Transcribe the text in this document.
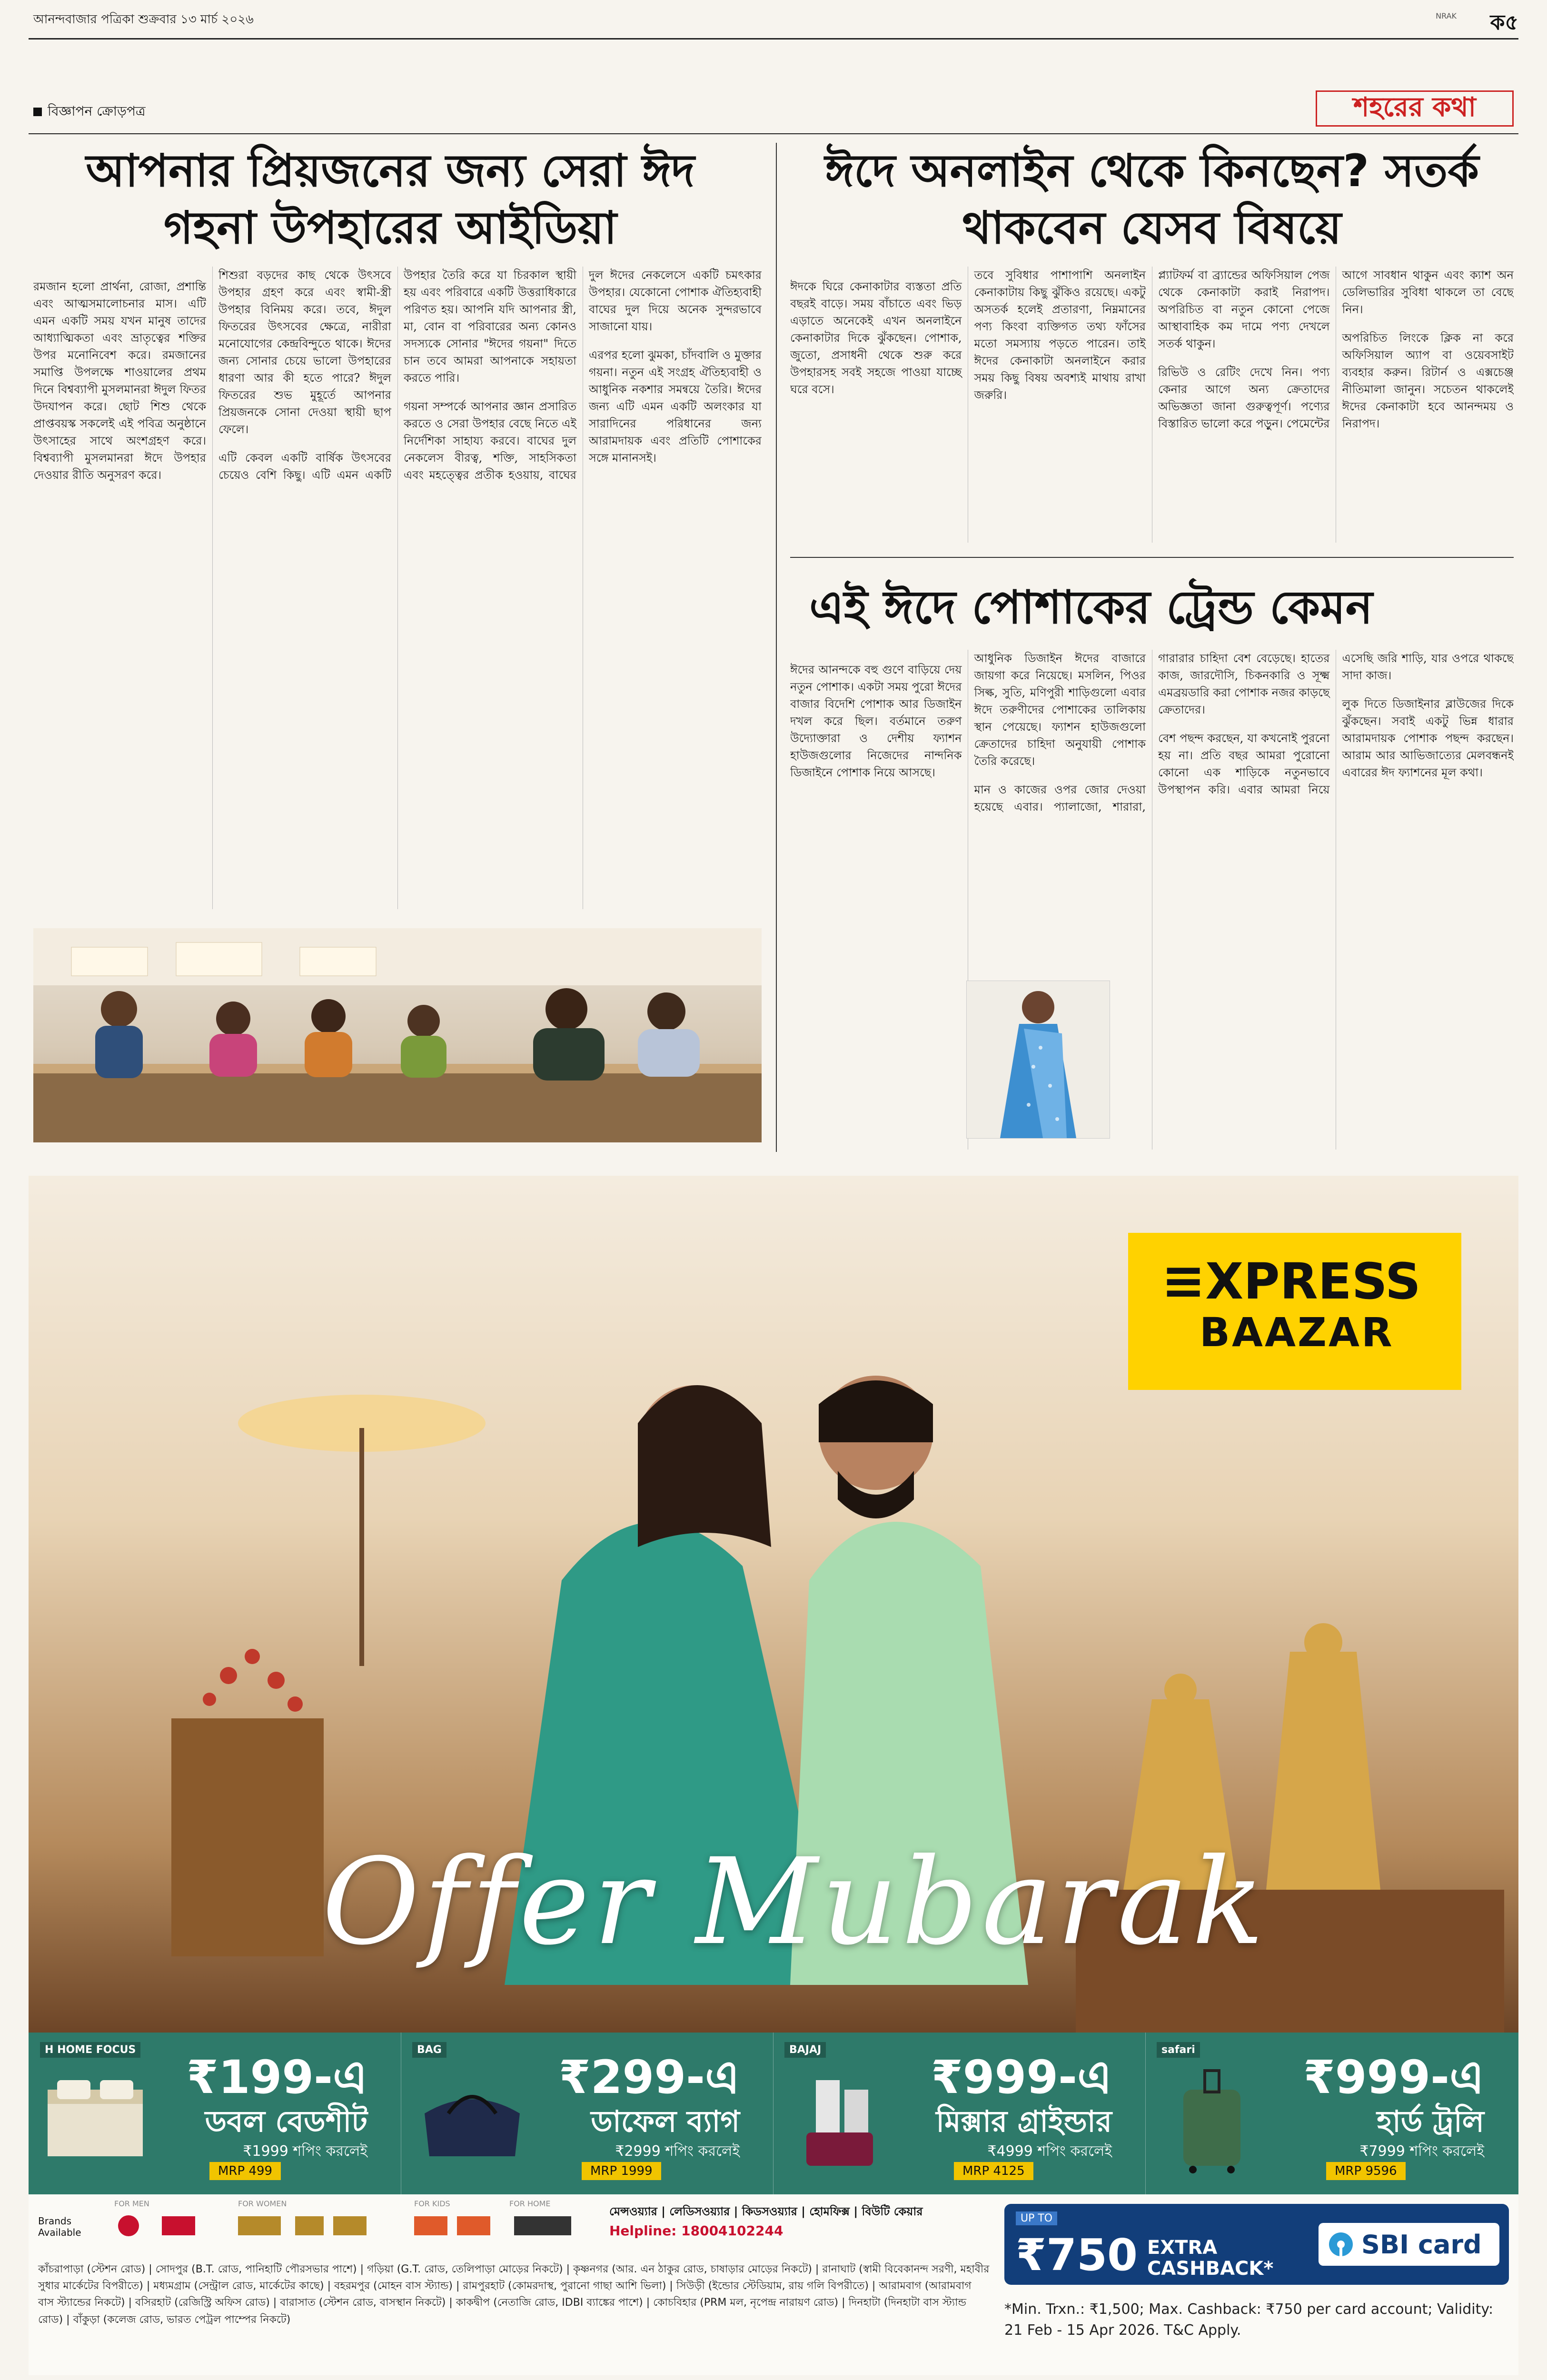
আনন্দবাজার পত্রিকা শুক্রবার ১৩ মার্চ ২০২৬	NRAK ক৫
বিজ্ঞাপন ক্রোড়পত্র	শহরের কথা
আপনার প্রিয়জনের জন্য সেরা ঈদ গহনা উপহারের আইডিয়া

রমজান হলো প্রার্থনা, রোজা, প্রশান্তি এবং আত্মসমালোচনার মাস। এটি এমন একটি সময় যখন মানুষ তাদের আধ্যাত্মিকতা এবং ভ্রাতৃত্বের শক্তির উপর মনোনিবেশ করে। রমজানের সমাপ্তি উপলক্ষে শাওয়ালের প্রথম দিনে বিশ্বব্যাপী মুসলমানরা ঈদুল ফিতর উদযাপন করে। ছোট শিশু থেকে প্রাপ্তবয়স্ক সকলেই এই পবিত্র অনুষ্ঠানে উৎসাহের সাথে অংশগ্রহণ করে। বিশ্বব্যাপী মুসলমানরা ঈদে উপহার দেওয়ার রীতি অনুসরণ করে।

শিশুরা বড়দের কাছ থেকে উৎসবে উপহার গ্রহণ করে এবং স্বামী-স্ত্রী উপহার বিনিময় করে। তবে, ঈদুল ফিতরের উৎসবের ক্ষেত্রে, নারীরা মনোযোগের কেন্দ্রবিন্দুতে থাকে। ঈদের জন্য সোনার চেয়ে ভালো উপহারের ধারণা আর কী হতে পারে? ঈদুল ফিতরের শুভ মুহূর্তে আপনার প্রিয়জনকে সোনা দেওয়া স্থায়ী ছাপ ফেলে।

এটি কেবল একটি বার্ষিক উৎসবের চেয়েও বেশি কিছু। এটি এমন একটি উপহার তৈরি করে যা চিরকাল স্থায়ী হয় এবং পরিবারে একটি উত্তরাধিকারে পরিণত হয়। আপনি যদি আপনার স্ত্রী, মা, বোন বা পরিবারের অন্য কোনও সদস্যকে সোনার "ঈদের গয়না" দিতে চান তবে আমরা আপনাকে সহায়তা করতে পারি।

গয়না সম্পর্কে আপনার জ্ঞান প্রসারিত করতে ও সেরা উপহার বেছে নিতে এই নির্দেশিকা সাহায্য করবে। বাঘের দুল নেকলেস বীরত্ব, শক্তি, সাহসিকতা এবং মহত্ত্বের প্রতীক হওয়ায়, বাঘের দুল ঈদের নেকলেসে একটি চমৎকার উপহার। যেকোনো পোশাক ঐতিহ্যবাহী বাঘের দুল দিয়ে অনেক সুন্দরভাবে সাজানো যায়।

এরপর হলো ঝুমকা, চাঁদবালি ও মুক্তার গয়না। নতুন এই সংগ্রহ ঐতিহ্যবাহী ও আধুনিক নকশার সমন্বয়ে তৈরি। ঈদের জন্য এটি এমন একটি অলংকার যা সারাদিনের পরিধানের জন্য আরামদায়ক এবং প্রতিটি পোশাকের সঙ্গে মানানসই।

ঈদে অনলাইন থেকে কিনছেন? সতর্ক থাকবেন যেসব বিষয়ে

ঈদকে ঘিরে কেনাকাটার ব্যস্ততা প্রতি বছরই বাড়ে। সময় বাঁচাতে এবং ভিড় এড়াতে অনেকেই এখন অনলাইনে কেনাকাটার দিকে ঝুঁকছেন। পোশাক, জুতো, প্রসাধনী থেকে শুরু করে উপহারসহ সবই সহজে পাওয়া যাচ্ছে ঘরে বসে।

তবে সুবিধার পাশাপাশি অনলাইন কেনাকাটায় কিছু ঝুঁকিও রয়েছে। একটু অসতর্ক হলেই প্রতারণা, নিম্নমানের পণ্য কিংবা ব্যক্তিগত তথ্য ফাঁসের মতো সমস্যায় পড়তে পারেন। তাই ঈদের কেনাকাটা অনলাইনে করার সময় কিছু বিষয় অবশ্যই মাথায় রাখা জরুরি।

প্ল্যাটফর্ম বা ব্র্যান্ডের অফিসিয়াল পেজ থেকে কেনাকাটা করাই নিরাপদ। অপরিচিত বা নতুন কোনো পেজে আস্থাবাহিক কম দামে পণ্য দেখলে সতর্ক থাকুন।

রিভিউ ও রেটিং দেখে নিন। পণ্য কেনার আগে অন্য ক্রেতাদের অভিজ্ঞতা জানা গুরুত্বপূর্ণ। পণ্যের বিস্তারিত ভালো করে পড়ুন। পেমেন্টের আগে সাবধান থাকুন এবং ক্যাশ অন ডেলিভারির সুবিধা থাকলে তা বেছে নিন।

অপরিচিত লিংকে ক্লিক না করে অফিসিয়াল অ্যাপ বা ওয়েবসাইট ব্যবহার করুন। রিটার্ন ও এক্সচেঞ্জ নীতিমালা জানুন। সচেতন থাকলেই ঈদের কেনাকাটা হবে আনন্দময় ও নিরাপদ।

এই ঈদে পোশাকের ট্রেন্ড কেমন

ঈদের আনন্দকে বহু গুণে বাড়িয়ে দেয় নতুন পোশাক। একটা সময় পুরো ঈদের বাজার বিদেশি পোশাক আর ডিজাইন দখল করে ছিল। বর্তমানে তরুণ উদ্যোক্তারা ও দেশীয় ফ্যাশন হাউজগুলোর নিজেদের নান্দনিক ডিজাইনে পোশাক নিয়ে আসছে।

আধুনিক ডিজাইন ঈদের বাজারে জায়গা করে নিয়েছে। মসলিন, পিওর সিল্ক, সুতি, মণিপুরী শাড়িগুলো এবার ঈদে তরুণীদের পোশাকের তালিকায় স্থান পেয়েছে। ফ্যাশন হাউজগুলো ক্রেতাদের চাহিদা অনুযায়ী পোশাক তৈরি করেছে।

মান ও কাজের ওপর জোর দেওয়া হয়েছে এবার। প্যালাজো, শারারা, গারারার চাহিদা বেশ বেড়েছে। হাতের কাজ, জারদৌসি, চিকনকারি ও সূক্ষ্ম এমব্রয়ডারি করা পোশাক নজর কাড়ছে ক্রেতাদের।

বেশ পছন্দ করছেন, যা কখনোই পুরনো হয় না। প্রতি বছর আমরা পুরোনো কোনো এক শাড়িকে নতুনভাবে উপস্থাপন করি। এবার আমরা নিয়ে এসেছি জরি শাড়ি, যার ওপরে থাকছে সাদা কাজ।

লুক দিতে ডিজাইনার ব্লাউজের দিকে ঝুঁকছেন। সবাই একটু ভিন্ন ধারার আরামদায়ক পোশাক পছন্দ করছেন। আরাম আর আভিজাত্যের মেলবন্ধনই এবারের ঈদ ফ্যাশনের মূল কথা।

≡XPRESS
BAAZAR
Offer Mubarak
H HOME FOCUS
₹199-এ
ডবল বেডশীট
₹1999 শপিং করলেই
MRP 499
BAG
₹299-এ
ডাফেল ব্যাগ
₹2999 শপিং করলেই
MRP 1999
BAJAJ
₹999-এ
মিক্সার গ্রাইন্ডার
₹4999 শপিং করলেই
MRP 4125
safari
₹999-এ
হার্ড ট্রলি
₹7999 শপিং করলেই
MRP 9596
Brands Available
FOR MEN	FOR WOMEN	FOR KIDS	FOR HOME
মেন্সওয়্যার | লেডিসওয়্যার | কিডসওয়্যার | হোমফিক্স | বিউটি কেয়ার
Helpline: 18004102244
কাঁচরাপাড়া (স্টেশন রোড) | সোদপুর (B.T. রোড, পানিহাটি পৌরসভার পাশে) | গড়িয়া (G.T. রোড, তেলিপাড়া মোড়ের নিকটে) | কৃষ্ণনগর (আর. এন ঠাকুর রোড, চাষাড়ার মোড়ের নিকটে) | রানাঘাট (স্বামী বিবেকানন্দ সরণী, মহাবীর সুধার মার্কেটের বিপরীতে) | মধ্যমগ্রাম (সেন্ট্রাল রোড, মার্কেটের কাছে) | বহরমপুর (মোহন বাস স্ট্যান্ড) | রামপুরহাট (কোমরদাস্থ, পুরানো গাছা আশি ভিলা) | সিউড়ী (ইন্ডোর স্টেডিয়াম, রায় গলি বিপরীতে) | আরামবাগ (আরামবাগ বাস স্ট্যান্ডের নিকটে) | বসিরহাট (রেজিস্ট্রি অফিস রোড) | বারাসাত (স্টেশন রোড, বাসস্থান নিকটে) | কাকদ্বীপ (নেতাজি রোড, IDBI ব্যাঙ্কের পাশে) | কোচবিহার (PRM মল, নৃপেন্দ্র নারায়ণ রোড) | দিনহাটা (দিনহাটা বাস স্ট্যান্ড রোড) | বাঁকুড়া (কলেজ রোড, ভারত পেট্রল পাম্পের নিকটে)
UP TO
₹750 EXTRA CASHBACK*
SBI card
*Min. Trxn.: ₹1,500; Max. Cashback: ₹750 per card account; Validity: 21 Feb - 15 Apr 2026. T&C Apply.
